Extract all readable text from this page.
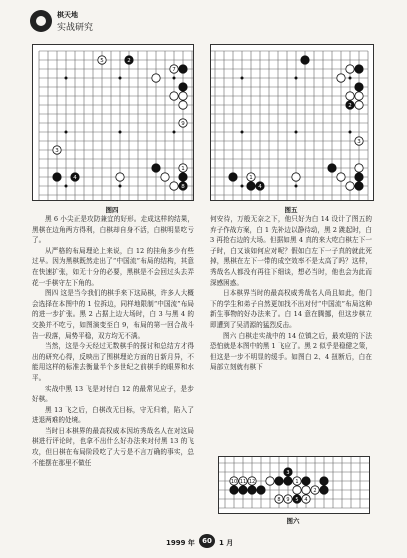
棋天地
实战研究
5	2
7
9
3
4
1
8
图四
2
3
1
4
图五

黑 6 小尖正是攻防兼宜的好形。走成这样的结果，黑棋在边角两方得利，白棋却自身不活，白棋明显吃亏了。

从严格的布局理论上来说，白 12 的挂角多少有些过早。因为黑棋既然走出了“中国流”布局的结构，其意在快速扩张，如无十分的必要，黑棋是不会回过头去弄花一手棋守左下角的。

图四 这是当今我们的棋手来下这局棋，许多人大概会选择在本图中的 1 位拆边，同样地限制“中国流”布局的进一步扩张。黑 2 占据上边大场时，白 3 与黑 4 的交换并不吃亏，如图演变至白 9，布局的第一回合战斗告一段落，局势平稳，双方均无不满。

当然，这是今天经过无数棋手的探讨和总结方才得出的研究心得，反映出了围棋理论方面的日新月异，不能用这样的标准去衡量半个多世纪之前棋手的眼界和水平。

实战中黑 13 飞是对付白 12 的最常见应子，是步好棋。

黑 13 飞之后，白棋改无目标，守无归着，陷入了进退两难的处境。

当时日本棋界的最高权威本因坊秀哉名人在对这局棋进行评论时，也拿不出什么好办法来对付黑 13 的飞攻，但日棋在布局阶段吃了大亏是不言万确的事实，总不能摆在那里不做任

何安待，万般无奈之下，他只好为白 14 设计了图五的弃子作战方案，白 1 先补边以静待动，黑 2 跳起时，白 3 再抢右边的大场。但据如黑 4 真的来大吃白棋左下一子时，白又该如何应对呢？假如白左下一子真的就此死掉，黑棋在左下一带的成空效率不是太高了吗？这样，秀哉名人都没有再往下细谈，想必当时，他也会为此而深感困惑。

日本棋界当时的最高权威秀哉名人尚且如此，他门下的学生和弟子自然更加找不出对付“中国流”布局这种新生事物的好办法来了。白 14 意在腾挪，但这步棋立即遭到了吴清源的猛烈反击。

图六 白棋走实战中的 14 位镇之后，最欢迎的下法恐怕就是本图中的黑 1 飞应了。黑 2 似乎是稳健之策，但这是一步不明显的缓手。如图白 2、4 扭断后，白在局部立刻就有棋下

10 11 12
3
1
9
8	5 4
2
图六
1999 年	60	1 月
